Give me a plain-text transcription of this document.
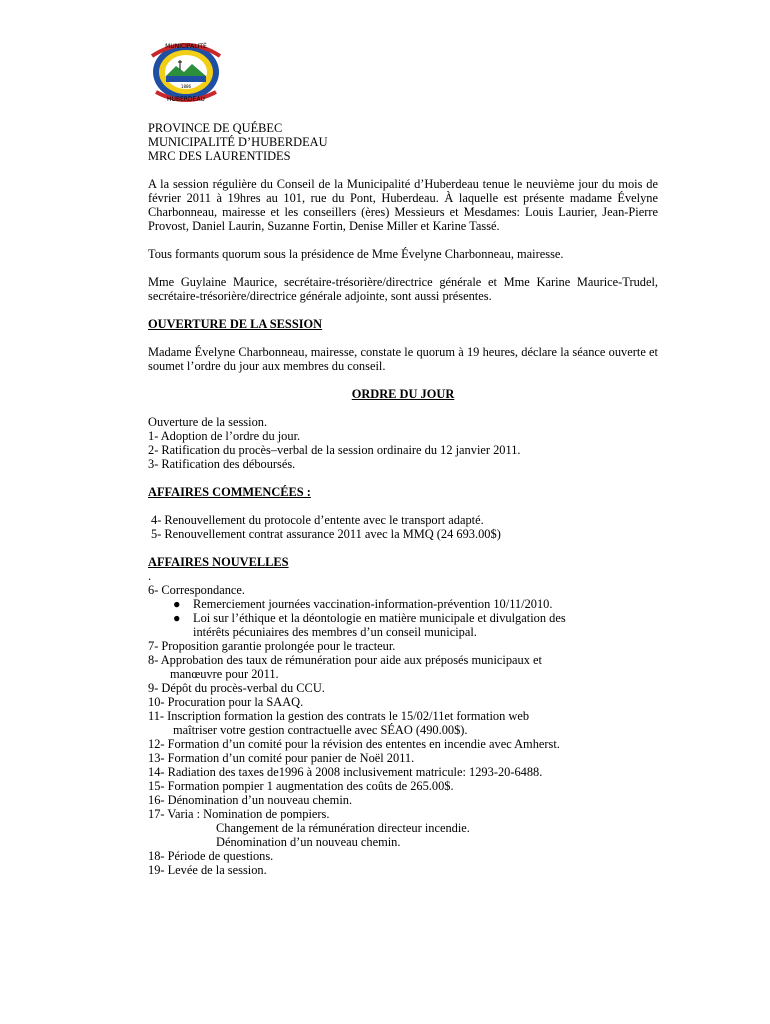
MUNICIPALITÉ
1886
HUBERDEAU
PROVINCE DE QUÉBEC
MUNICIPALITÉ D’HUBERDEAU
MRC DES LAURENTIDES

A la session régulière du Conseil de la Municipalité d’Huberdeau tenue le neuvième jour du mois de février 2011 à 19hres au 101, rue du Pont, Huberdeau. À laquelle est présente madame Évelyne Charbonneau, mairesse et les conseillers (ères) Messieurs et Mesdames: Louis Laurier, Jean-Pierre Provost, Daniel Laurin, Suzanne Fortin, Denise Miller et Karine Tassé.

Tous formants quorum sous la présidence de Mme Évelyne Charbonneau, mairesse.

Mme Guylaine Maurice, secrétaire-trésorière/directrice générale et Mme Karine Maurice-Trudel, secrétaire-trésorière/directrice générale adjointe, sont aussi présentes.

OUVERTURE DE LA SESSION

Madame Évelyne Charbonneau, mairesse, constate le quorum à 19 heures, déclare la séance ouverte et soumet l’ordre du jour aux membres du conseil.

ORDRE DU JOUR

Ouverture de la session.
1- Adoption de l’ordre du jour.
2- Ratification du procès–verbal de la session ordinaire du 12 janvier 2011.
3- Ratification des déboursés.

AFFAIRES COMMENCÉES :

4- Renouvellement du protocole d’entente avec le transport adapté.
5- Renouvellement contrat assurance 2011 avec la MMQ (24 693.00$)

AFFAIRES NOUVELLES

.
6- Correspondance.
● Remerciement journées vaccination-information-prévention 10/11/2010.
● Loi sur l’éthique et la déontologie en matière municipale et divulgation des
intérêts pécuniaires des membres d’un conseil municipal.
7- Proposition garantie prolongée pour le tracteur.
8- Approbation des taux de rémunération pour aide aux préposés municipaux et
manœuvre pour 2011.
9- Dépôt du procès-verbal du CCU.
10- Procuration pour la SAAQ.
11- Inscription formation la gestion des contrats le 15/02/11et formation web
maîtriser votre gestion contractuelle avec SÉAO (490.00$).
12- Formation d’un comité pour la révision des ententes en incendie avec Amherst.
13- Formation d’un comité pour panier de Noël 2011.
14- Radiation des taxes de1996 à 2008 inclusivement matricule: 1293-20-6488.
15- Formation pompier 1 augmentation des coûts de 265.00$.
16- Dénomination d’un nouveau chemin.
17- Varia : Nomination de pompiers.
Changement de la rémunération directeur incendie.
Dénomination d’un nouveau chemin.
18- Période de questions.
19- Levée de la session.
